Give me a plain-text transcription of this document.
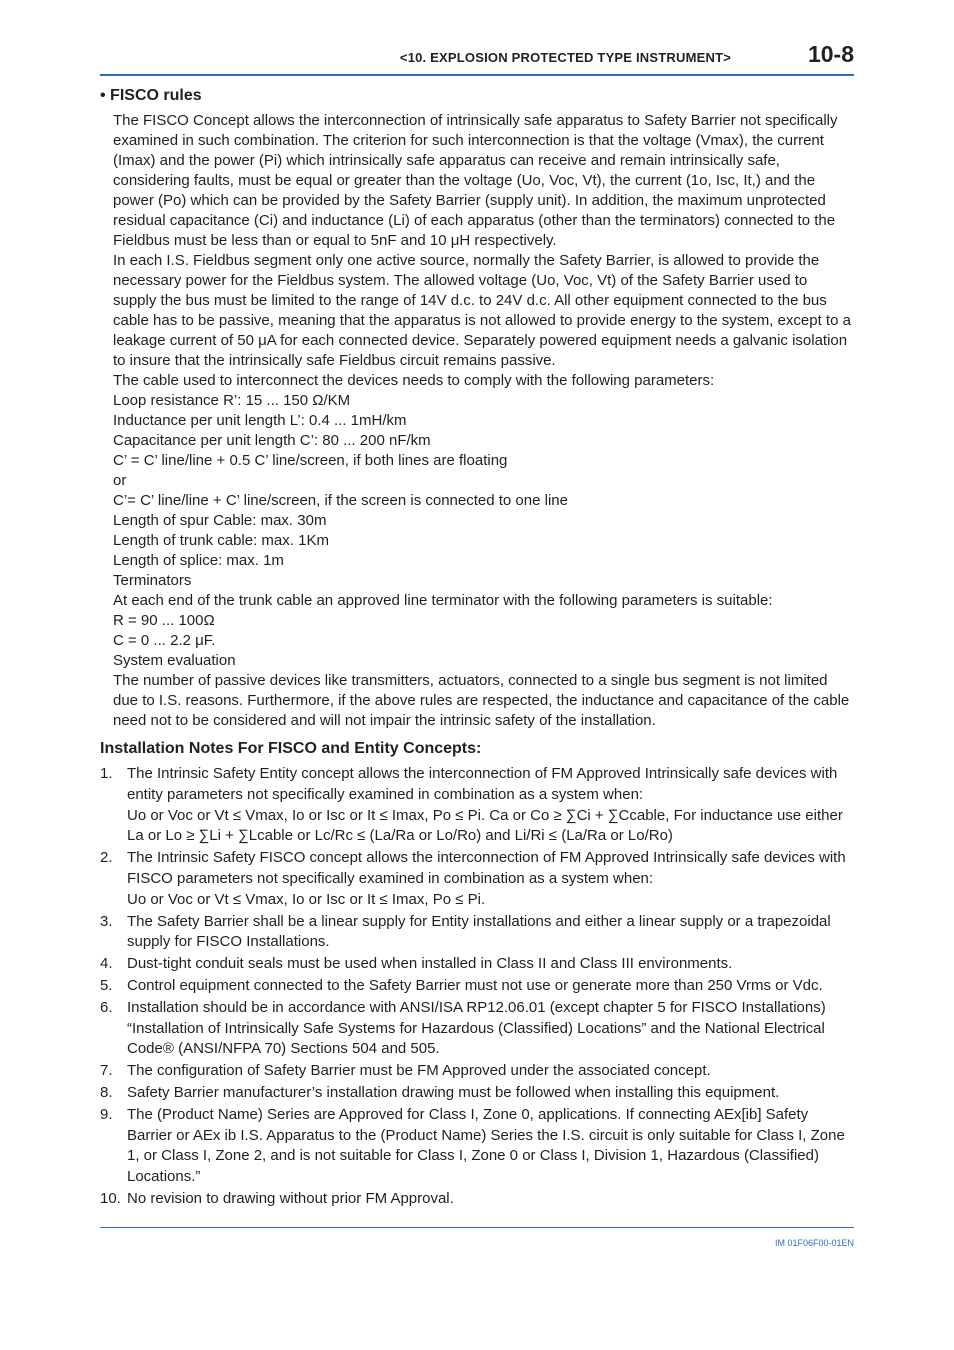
<10. EXPLOSION PROTECTED TYPE INSTRUMENT>	10-8
• FISCO rules
The FISCO Concept allows the interconnection of intrinsically safe apparatus to Safety Barrier not specifically examined in such combination. The criterion for such interconnection is that the voltage (Vmax), the current (Imax) and the power (Pi) which intrinsically safe apparatus can receive and remain intrinsically safe, considering faults, must be equal or greater than the voltage (Uo, Voc, Vt), the current (1o, Isc, It,) and the power (Po) which can be provided by the Safety Barrier (supply unit). In addition, the maximum unprotected residual capacitance (Ci) and inductance (Li) of each apparatus (other than the terminators) connected to the Fieldbus must be less than or equal to 5nF and 10 μH respectively.
In each I.S. Fieldbus segment only one active source, normally the Safety Barrier, is allowed to provide the necessary power for the Fieldbus system. The allowed voltage (Uo, Voc, Vt) of the Safety Barrier used to supply the bus must be limited to the range of 14V d.c. to 24V d.c. All other equipment connected to the bus cable has to be passive, meaning that the apparatus is not allowed to provide energy to the system, except to a leakage current of 50 μA for each connected device. Separately powered equipment needs a galvanic isolation to insure that the intrinsically safe Fieldbus circuit remains passive.
The cable used to interconnect the devices needs to comply with the following parameters:
Loop resistance R’: 15 ... 150 Ω/KM
Inductance per unit length L’: 0.4 ... 1mH/km
Capacitance per unit length C’: 80 ... 200 nF/km
C’ = C’ line/line + 0.5 C’ line/screen, if both lines are floating
or
C’= C’ line/line + C’ line/screen, if the screen is connected to one line
Length of spur Cable: max. 30m
Length of trunk cable: max. 1Km
Length of splice: max. 1m
Terminators
At each end of the trunk cable an approved line terminator with the following parameters is suitable:
R = 90 ... 100Ω
C = 0 ... 2.2 μF.
System evaluation
The number of passive devices like transmitters, actuators, connected to a single bus segment is not limited due to I.S. reasons. Furthermore, if the above rules are respected, the inductance and capacitance of the cable need not to be considered and will not impair the intrinsic safety of the installation.
Installation Notes For FISCO and Entity Concepts:
1. The Intrinsic Safety Entity concept allows the interconnection of FM Approved Intrinsically safe devices with entity parameters not specifically examined in combination as a system when:
Uo or Voc or Vt ≤ Vmax, Io or Isc or It ≤ Imax, Po ≤ Pi. Ca or Co ≥ ∑Ci + ∑Ccable, For inductance use either La or Lo ≥ ∑Li + ∑Lcable or Lc/Rc ≤ (La/Ra or Lo/Ro) and Li/Ri ≤ (La/Ra or Lo/Ro)
2. The Intrinsic Safety FISCO concept allows the interconnection of FM Approved Intrinsically safe devices with FISCO parameters not specifically examined in combination as a system when:
Uo or Voc or Vt ≤ Vmax, Io or Isc or It ≤ Imax, Po ≤ Pi.
3. The Safety Barrier shall be a linear supply for Entity installations and either a linear supply or a trapezoidal supply for FISCO Installations.
4. Dust-tight conduit seals must be used when installed in Class II and Class III environments.
5. Control equipment connected to the Safety Barrier must not use or generate more than 250 Vrms or Vdc.
6. Installation should be in accordance with ANSI/ISA RP12.06.01 (except chapter 5 for FISCO Installations) “Installation of Intrinsically Safe Systems for Hazardous (Classified) Locations” and the National Electrical Code® (ANSI/NFPA 70) Sections 504 and 505.
7. The configuration of Safety Barrier must be FM Approved under the associated concept.
8. Safety Barrier manufacturer’s installation drawing must be followed when installing this equipment.
9. The (Product Name) Series are Approved for Class I, Zone 0, applications. If connecting AEx[ib] Safety Barrier or AEx ib I.S. Apparatus to the (Product Name) Series the I.S. circuit is only suitable for Class I, Zone 1, or Class I, Zone 2, and is not suitable for Class I, Zone 0 or Class I, Division 1, Hazardous (Classified) Locations.”
10. No revision to drawing without prior FM Approval.
IM 01F06F00-01EN
